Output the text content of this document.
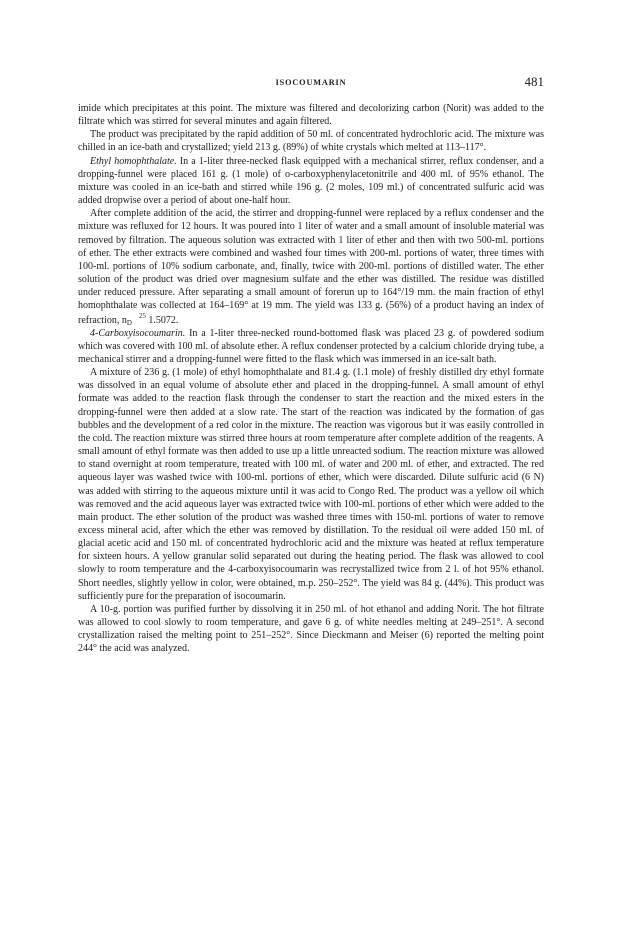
ISOCOUMARIN	481

imide which precipitates at this point. The mixture was filtered and decolorizing carbon (Norit) was added to the filtrate which was stirred for several minutes and again filtered.

The product was precipitated by the rapid addition of 50 ml. of concentrated hydrochloric acid. The mixture was chilled in an ice-bath and crystallized; yield 213 g. (89%) of white crystals which melted at 113–117°.

Ethyl homophthalate. In a 1-liter three-necked flask equipped with a mechanical stirrer, reflux condenser, and a dropping-funnel were placed 161 g. (1 mole) of o-carboxyphenylacetonitrile and 400 ml. of 95% ethanol. The mixture was cooled in an ice-bath and stirred while 196 g. (2 moles, 109 ml.) of concentrated sulfuric acid was added dropwise over a period of about one-half hour.

After complete addition of the acid, the stirrer and dropping-funnel were replaced by a reflux condenser and the mixture was refluxed for 12 hours. It was poured into 1 liter of water and a small amount of insoluble material was removed by filtration. The aqueous solution was extracted with 1 liter of ether and then with two 500-ml. portions of ether. The ether extracts were combined and washed four times with 200-ml. portions of water, three times with 100-ml. portions of 10% sodium carbonate, and, finally, twice with 200-ml. portions of distilled water. The ether solution of the product was dried over magnesium sulfate and the ether was distilled. The residue was distilled under reduced pressure. After separating a small amount of forerun up to 164°/19 mm. the main fraction of ethyl homophthalate was collected at 164–169° at 19 mm. The yield was 133 g. (56%) of a product having an index of refraction, n 25
D 1.5072.

4-Carboxyisocoumarin. In a 1-liter three-necked round-bottomed flask was placed 23 g. of powdered sodium which was covered with 100 ml. of absolute ether. A reflux condenser protected by a calcium chloride drying tube, a mechanical stirrer and a dropping-funnel were fitted to the flask which was immersed in an ice-salt bath.

A mixture of 236 g. (1 mole) of ethyl homophthalate and 81.4 g. (1.1 mole) of freshly distilled dry ethyl formate was dissolved in an equal volume of absolute ether and placed in the dropping-funnel. A small amount of ethyl formate was added to the reaction flask through the condenser to start the reaction and the mixed esters in the dropping-funnel were then added at a slow rate. The start of the reaction was indicated by the formation of gas bubbles and the development of a red color in the mixture. The reaction was vigorous but it was easily controlled in the cold. The reaction mixture was stirred three hours at room temperature after complete addition of the reagents. A small amount of ethyl formate was then added to use up a little unreacted sodium. The reaction mixture was allowed to stand overnight at room temperature, treated with 100 ml. of water and 200 ml. of ether, and extracted. The red aqueous layer was washed twice with 100-ml. portions of ether, which were discarded. Dilute sulfuric acid (6 N) was added with stirring to the aqueous mixture until it was acid to Congo Red. The product was a yellow oil which was removed and the acid aqueous layer was extracted twice with 100-ml. portions of ether which were added to the main product. The ether solution of the product was washed three times with 150-ml. portions of water to remove excess mineral acid, after which the ether was removed by distillation. To the residual oil were added 150 ml. of glacial acetic acid and 150 ml. of concentrated hydrochloric acid and the mixture was heated at reflux temperature for sixteen hours. A yellow granular solid separated out during the heating period. The flask was allowed to cool slowly to room temperature and the 4-carboxyisocoumarin was recrystallized twice from 2 l. of hot 95% ethanol. Short needles, slightly yellow in color, were obtained, m.p. 250–252°. The yield was 84 g. (44%). This product was sufficiently pure for the preparation of isocoumarin.

A 10-g. portion was purified further by dissolving it in 250 ml. of hot ethanol and adding Norit. The hot filtrate was allowed to cool slowly to room temperature, and gave 6 g. of white needles melting at 249–251°. A second crystallization raised the melting point to 251–252°. Since Dieckmann and Meiser (6) reported the melting point 244° the acid was analyzed.
